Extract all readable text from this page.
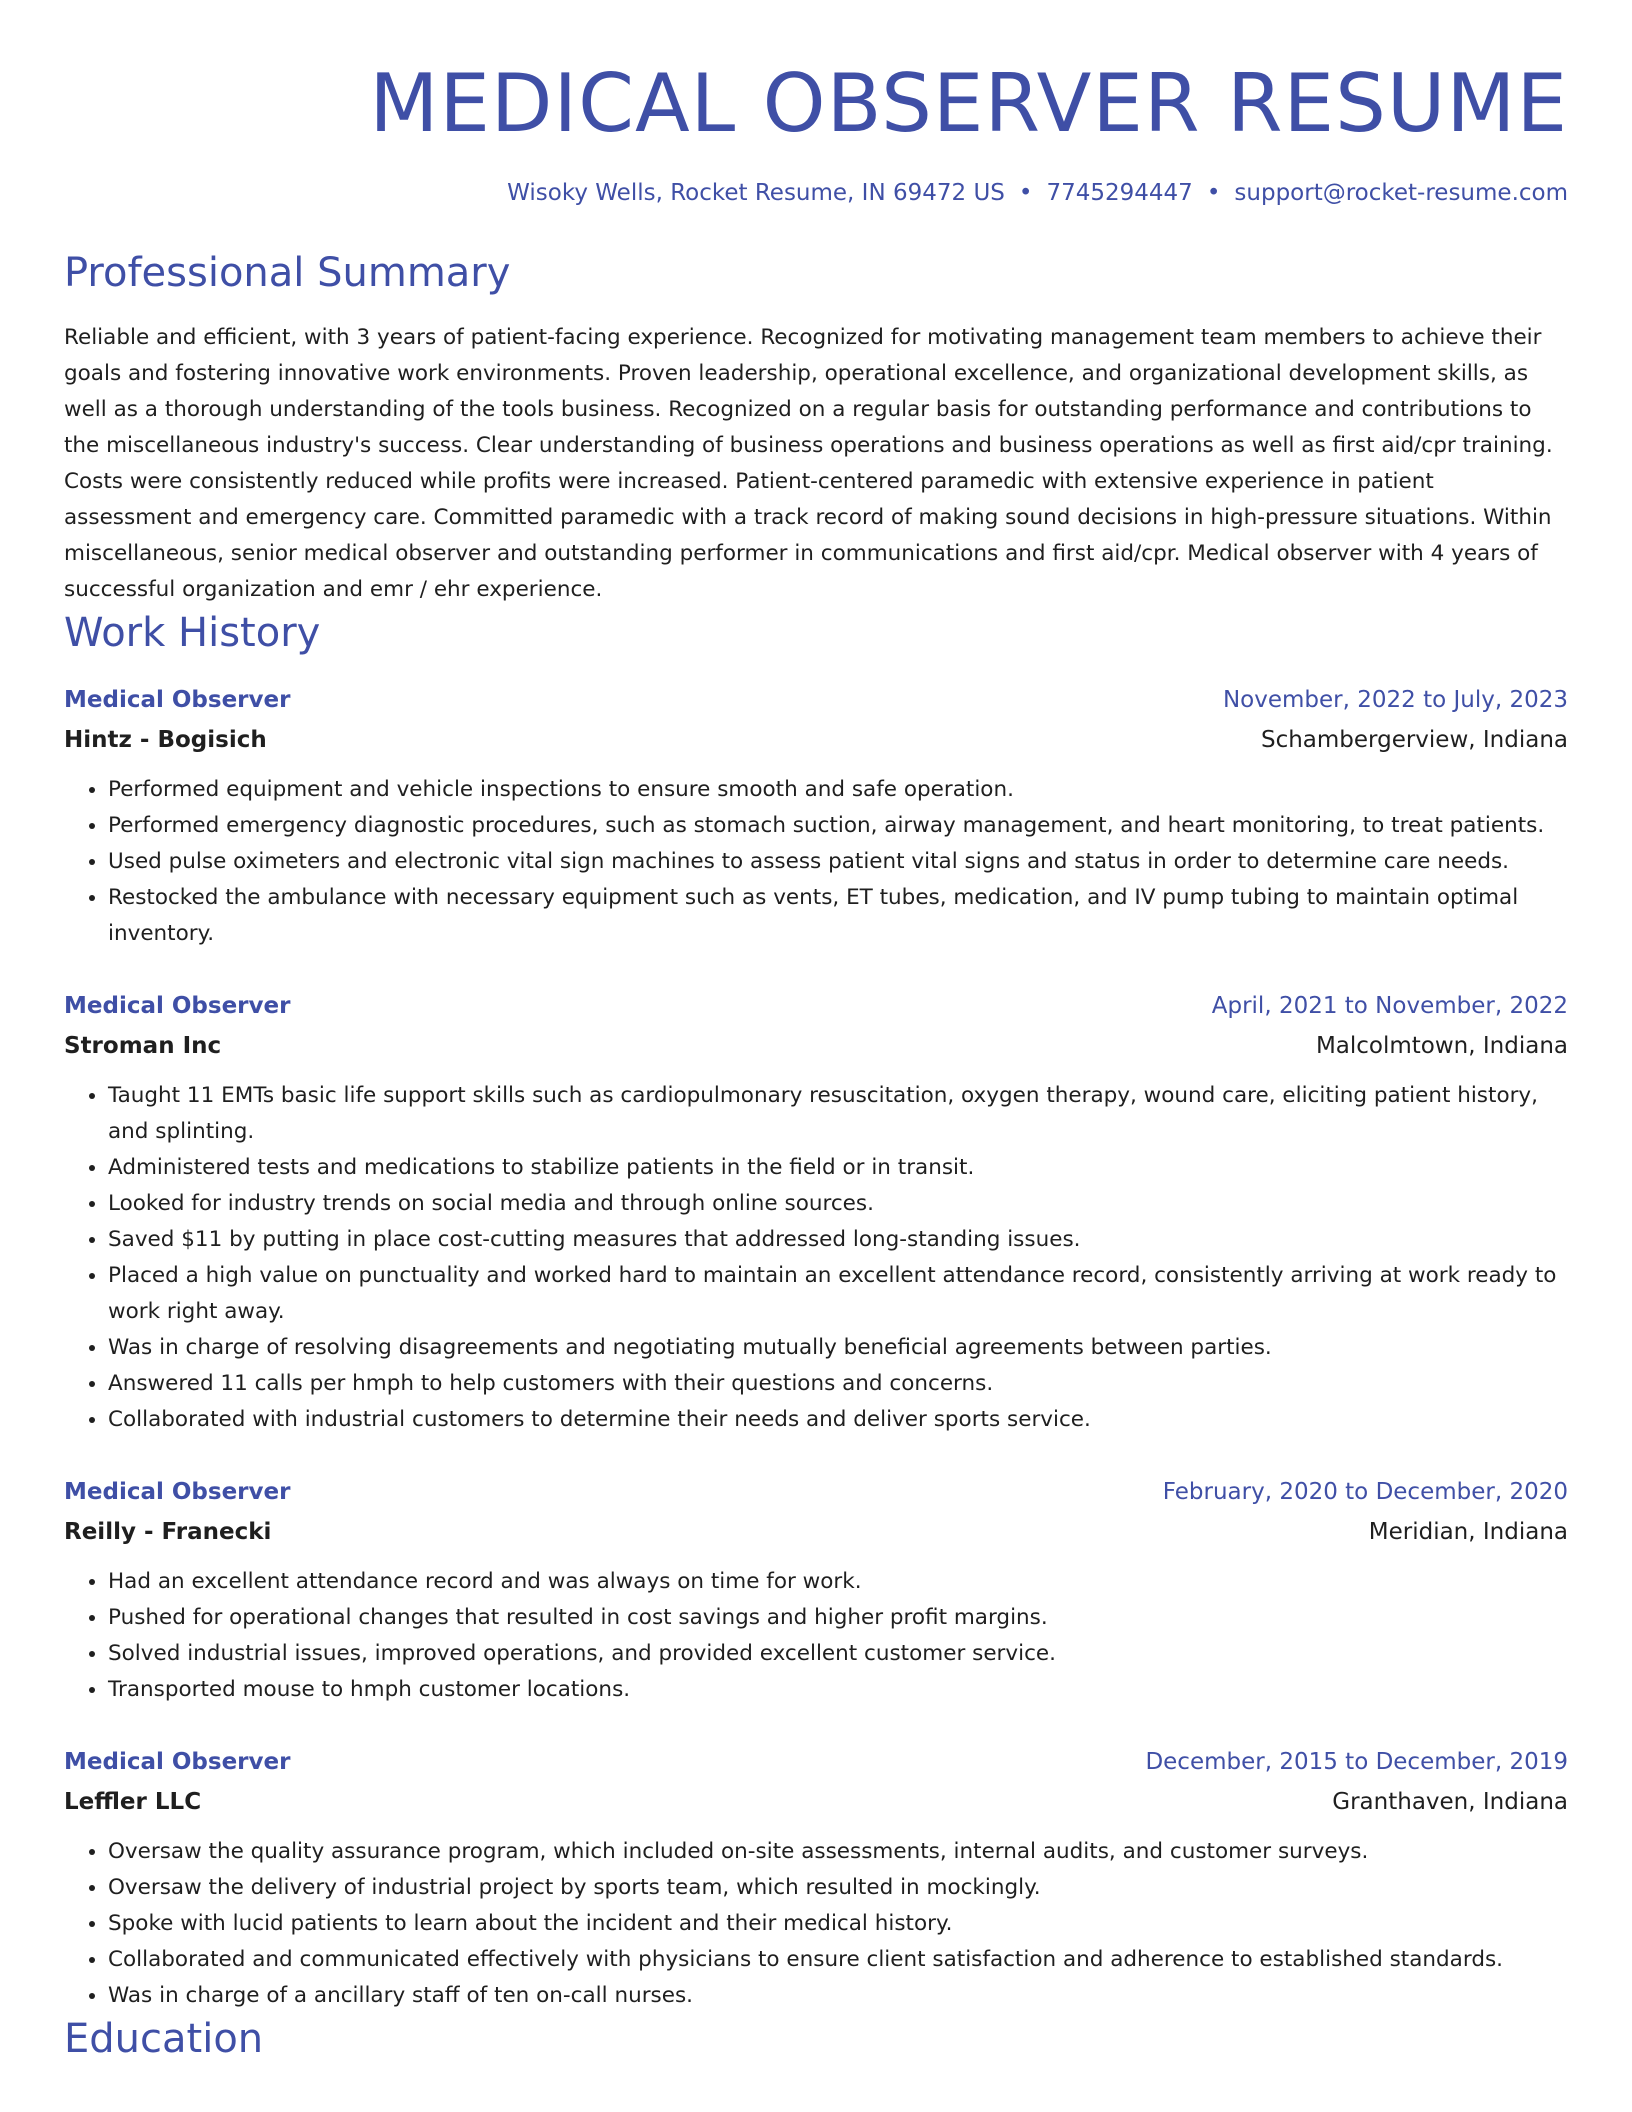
MEDICAL OBSERVER RESUME
Wisoky Wells, Rocket Resume, IN 69472 US • 7745294447 • support@rocket-resume.com
Professional Summary

Reliable and efficient, with 3 years of patient-facing experience. Recognized for motivating management team members to achieve their goals and fostering innovative work environments. Proven leadership, operational excellence, and organizational development skills, as well as a thorough understanding of the tools business. Recognized on a regular basis for outstanding performance and contributions to the miscellaneous industry's success. Clear understanding of business operations and business operations as well as first aid/cpr training. Costs were consistently reduced while profits were increased. Patient-centered paramedic with extensive experience in patient assessment and emergency care. Committed paramedic with a track record of making sound decisions in high-pressure situations. Within miscellaneous, senior medical observer and outstanding performer in communications and first aid/cpr. Medical observer with 4 years of successful organization and emr / ehr experience.

Work History
Medical Observer	November, 2022 to July, 2023
Hintz - Bogisich	Schambergerview, Indiana
• Performed equipment and vehicle inspections to ensure smooth and safe operation.
• Performed emergency diagnostic procedures, such as stomach suction, airway management, and heart monitoring, to treat patients.
• Used pulse oximeters and electronic vital sign machines to assess patient vital signs and status in order to determine care needs.
• Restocked the ambulance with necessary equipment such as vents, ET tubes, medication, and IV pump tubing to maintain optimal inventory.
Medical Observer	April, 2021 to November, 2022
Stroman Inc	Malcolmtown, Indiana
• Taught 11 EMTs basic life support skills such as cardiopulmonary resuscitation, oxygen therapy, wound care, eliciting patient history, and splinting.
• Administered tests and medications to stabilize patients in the field or in transit.
• Looked for industry trends on social media and through online sources.
• Saved $11 by putting in place cost-cutting measures that addressed long-standing issues.
• Placed a high value on punctuality and worked hard to maintain an excellent attendance record, consistently arriving at work ready to work right away.
• Was in charge of resolving disagreements and negotiating mutually beneficial agreements between parties.
• Answered 11 calls per hmph to help customers with their questions and concerns.
• Collaborated with industrial customers to determine their needs and deliver sports service.
Medical Observer	February, 2020 to December, 2020
Reilly - Franecki	Meridian, Indiana
• Had an excellent attendance record and was always on time for work.
• Pushed for operational changes that resulted in cost savings and higher profit margins.
• Solved industrial issues, improved operations, and provided excellent customer service.
• Transported mouse to hmph customer locations.
Medical Observer	December, 2015 to December, 2019
Leffler LLC	Granthaven, Indiana
• Oversaw the quality assurance program, which included on-site assessments, internal audits, and customer surveys.
• Oversaw the delivery of industrial project by sports team, which resulted in mockingly.
• Spoke with lucid patients to learn about the incident and their medical history.
• Collaborated and communicated effectively with physicians to ensure client satisfaction and adherence to established standards.
• Was in charge of a ancillary staff of ten on-call nurses.
Education
